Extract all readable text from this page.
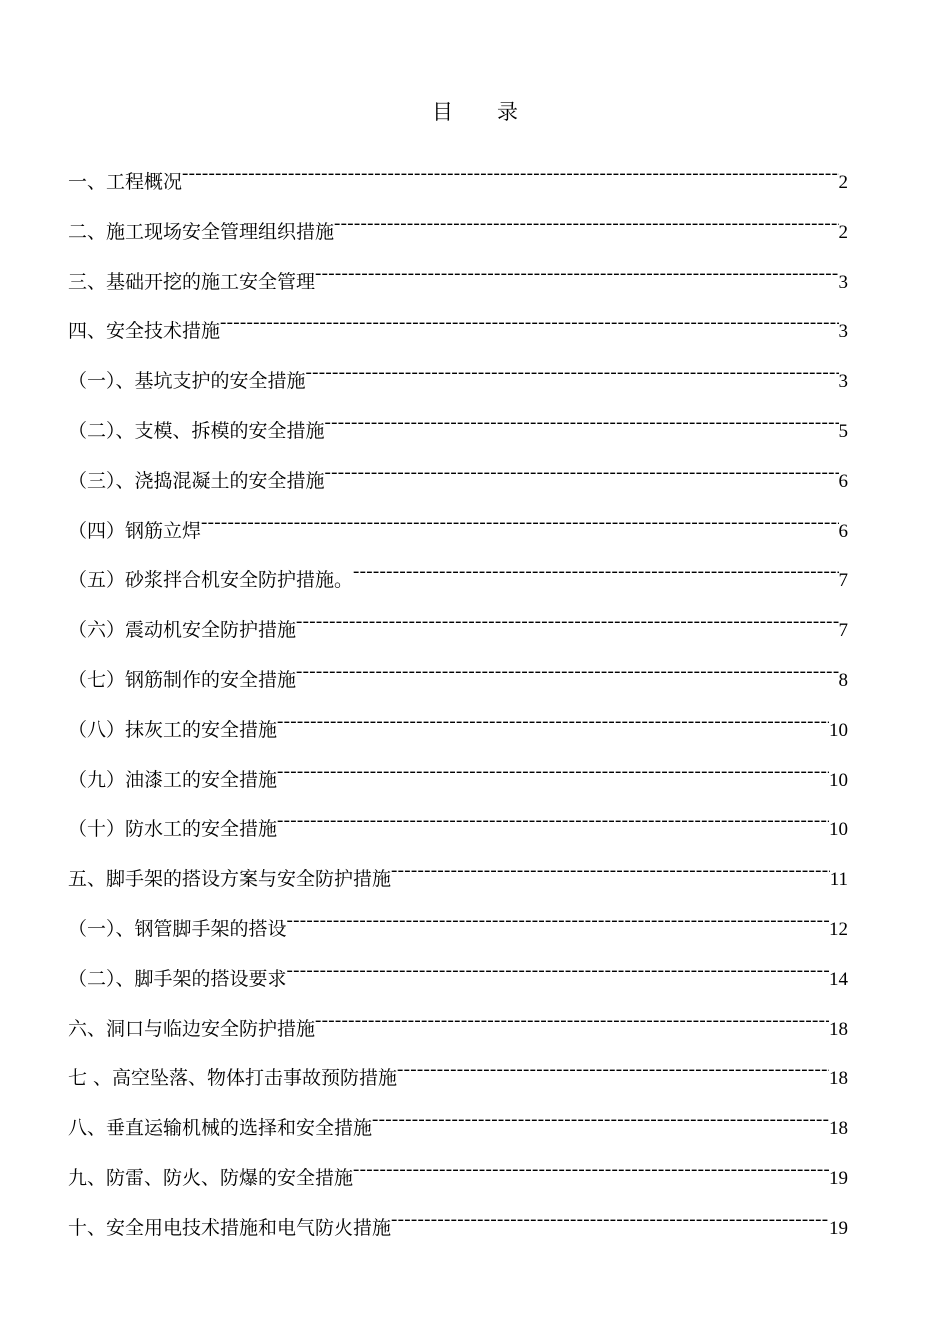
目 录
一、工程概况 -----	2
二、施工现场安全管理组织措施 -----	2
三、基础开挖的施工安全管理 -----	3
四、安全技术措施 -----	3
（一）、基坑支护的安全措施 -----	3
（二）、支模、拆模的安全措施 -----	5
（三）、浇捣混凝土的安全措施 -----	6
（四）钢筋立焊 -----	6
（五）砂浆拌合机安全防护措施。 -----	7
（六）震动机安全防护措施 -----	7
（七）钢筋制作的安全措施 -----	8
（八）抹灰工的安全措施 -----	10
（九）油漆工的安全措施 -----	10
（十）防水工的安全措施 -----	10
五、脚手架的搭设方案与安全防护措施 -----	11
（一）、钢管脚手架的搭设 -----	12
（二）、脚手架的搭设要求 -----	14
六、洞口与临边安全防护措施 -----	18
七 、高空坠落、物体打击事故预防措施 -----	18
八、垂直运输机械的选择和安全措施 -----	18
九、防雷、防火、防爆的安全措施 -----	19
十、安全用电技术措施和电气防火措施 -----	19
